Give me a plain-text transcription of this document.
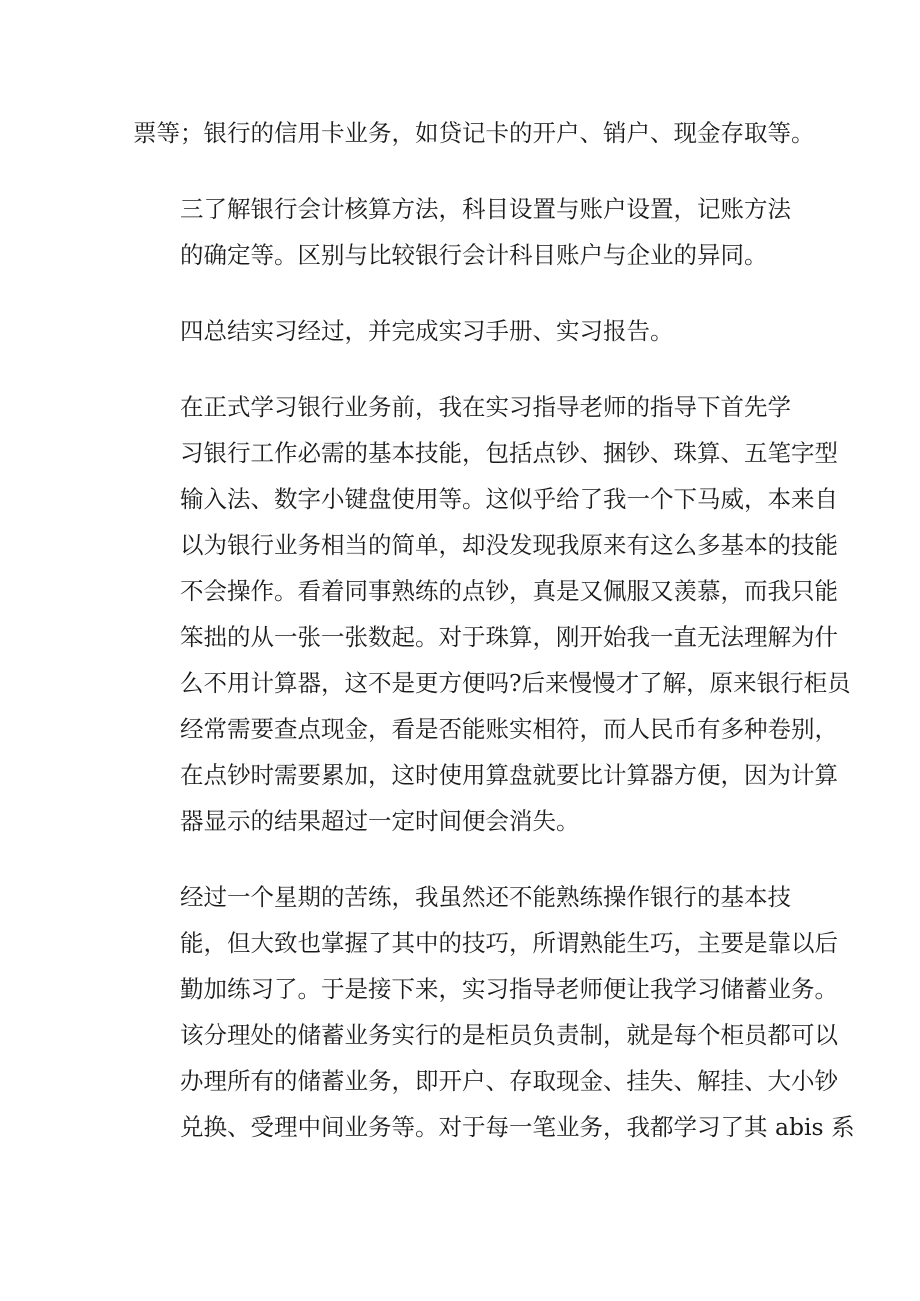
票等；银行的信用卡业务，如贷记卡的开户、销户、现金存取等。

三了解银行会计核算方法，科目设置与账户设置，记账方法
的确定等。区别与比较银行会计科目账户与企业的异同。

四总结实习经过，并完成实习手册、实习报告。

在正式学习银行业务前，我在实习指导老师的指导下首先学
习银行工作必需的基本技能，包括点钞、捆钞、珠算、五笔字型
输入法、数字小键盘使用等。这似乎给了我一个下马威，本来自
以为银行业务相当的简单，却没发现我原来有这么多基本的技能
不会操作。看着同事熟练的点钞，真是又佩服又羡慕，而我只能
笨拙的从一张一张数起。对于珠算，刚开始我一直无法理解为什
么不用计算器，这不是更方便吗?后来慢慢才了解，原来银行柜员
经常需要查点现金，看是否能账实相符，而人民币有多种卷别，
在点钞时需要累加，这时使用算盘就要比计算器方便，因为计算
器显示的结果超过一定时间便会消失。

经过一个星期的苦练，我虽然还不能熟练操作银行的基本技
能，但大致也掌握了其中的技巧，所谓熟能生巧，主要是靠以后
勤加练习了。于是接下来，实习指导老师便让我学习储蓄业务。
该分理处的储蓄业务实行的是柜员负责制，就是每个柜员都可以
办理所有的储蓄业务，即开户、存取现金、挂失、解挂、大小钞
兑换、受理中间业务等。对于每一笔业务，我都学习了其 abis 系
